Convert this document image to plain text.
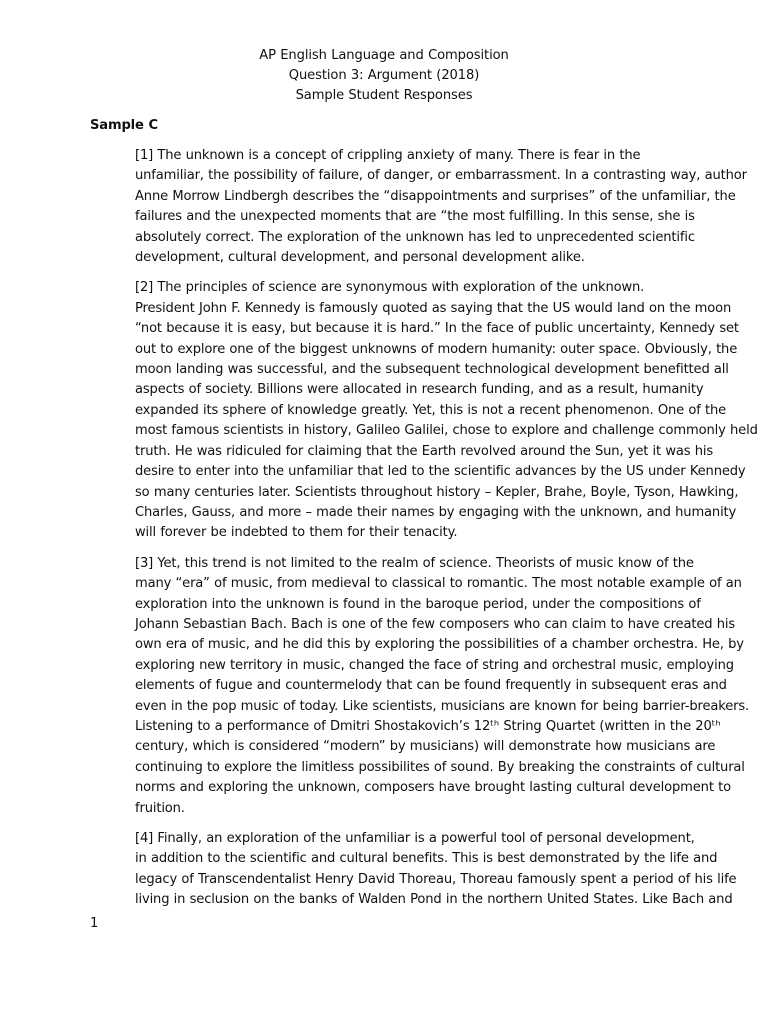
AP English Language and Composition
Question 3: Argument (2018)
Sample Student Responses
Sample C
[1] The unknown is a concept of crippling anxiety of many. There is fear in the
unfamiliar, the possibility of failure, of danger, or embarrassment. In a contrasting way, author
Anne Morrow Lindbergh describes the “disappointments and surprises” of the unfamiliar, the
failures and the unexpected moments that are “the most fulfilling. In this sense, she is
absolutely correct. The exploration of the unknown has led to unprecedented scientific
development, cultural development, and personal development alike.
[2] The principles of science are synonymous with exploration of the unknown.
President John F. Kennedy is famously quoted as saying that the US would land on the moon
“not because it is easy, but because it is hard.” In the face of public uncertainty, Kennedy set
out to explore one of the biggest unknowns of modern humanity: outer space. Obviously, the
moon landing was successful, and the subsequent technological development benefitted all
aspects of society. Billions were allocated in research funding, and as a result, humanity
expanded its sphere of knowledge greatly. Yet, this is not a recent phenomenon. One of the
most famous scientists in history, Galileo Galilei, chose to explore and challenge commonly held
truth. He was ridiculed for claiming that the Earth revolved around the Sun, yet it was his
desire to enter into the unfamiliar that led to the scientific advances by the US under Kennedy
so many centuries later. Scientists throughout history – Kepler, Brahe, Boyle, Tyson, Hawking,
Charles, Gauss, and more – made their names by engaging with the unknown, and humanity
will forever be indebted to them for their tenacity.
[3] Yet, this trend is not limited to the realm of science. Theorists of music know of the
many “era” of music, from medieval to classical to romantic. The most notable example of an
exploration into the unknown is found in the baroque period, under the compositions of
Johann Sebastian Bach. Bach is one of the few composers who can claim to have created his
own era of music, and he did this by exploring the possibilities of a chamber orchestra. He, by
exploring new territory in music, changed the face of string and orchestral music, employing
elements of fugue and countermelody that can be found frequently in subsequent eras and
even in the pop music of today. Like scientists, musicians are known for being barrier-breakers.
Listening to a performance of Dmitri Shostakovich’s 12ᵗʰ String Quartet (written in the 20ᵗʰ
century, which is considered “modern” by musicians) will demonstrate how musicians are
continuing to explore the limitless possibilites of sound. By breaking the constraints of cultural
norms and exploring the unknown, composers have brought lasting cultural development to
fruition.
[4] Finally, an exploration of the unfamiliar is a powerful tool of personal development,
in addition to the scientific and cultural benefits. This is best demonstrated by the life and
legacy of Transcendentalist Henry David Thoreau, Thoreau famously spent a period of his life
living in seclusion on the banks of Walden Pond in the northern United States. Like Bach and
1
